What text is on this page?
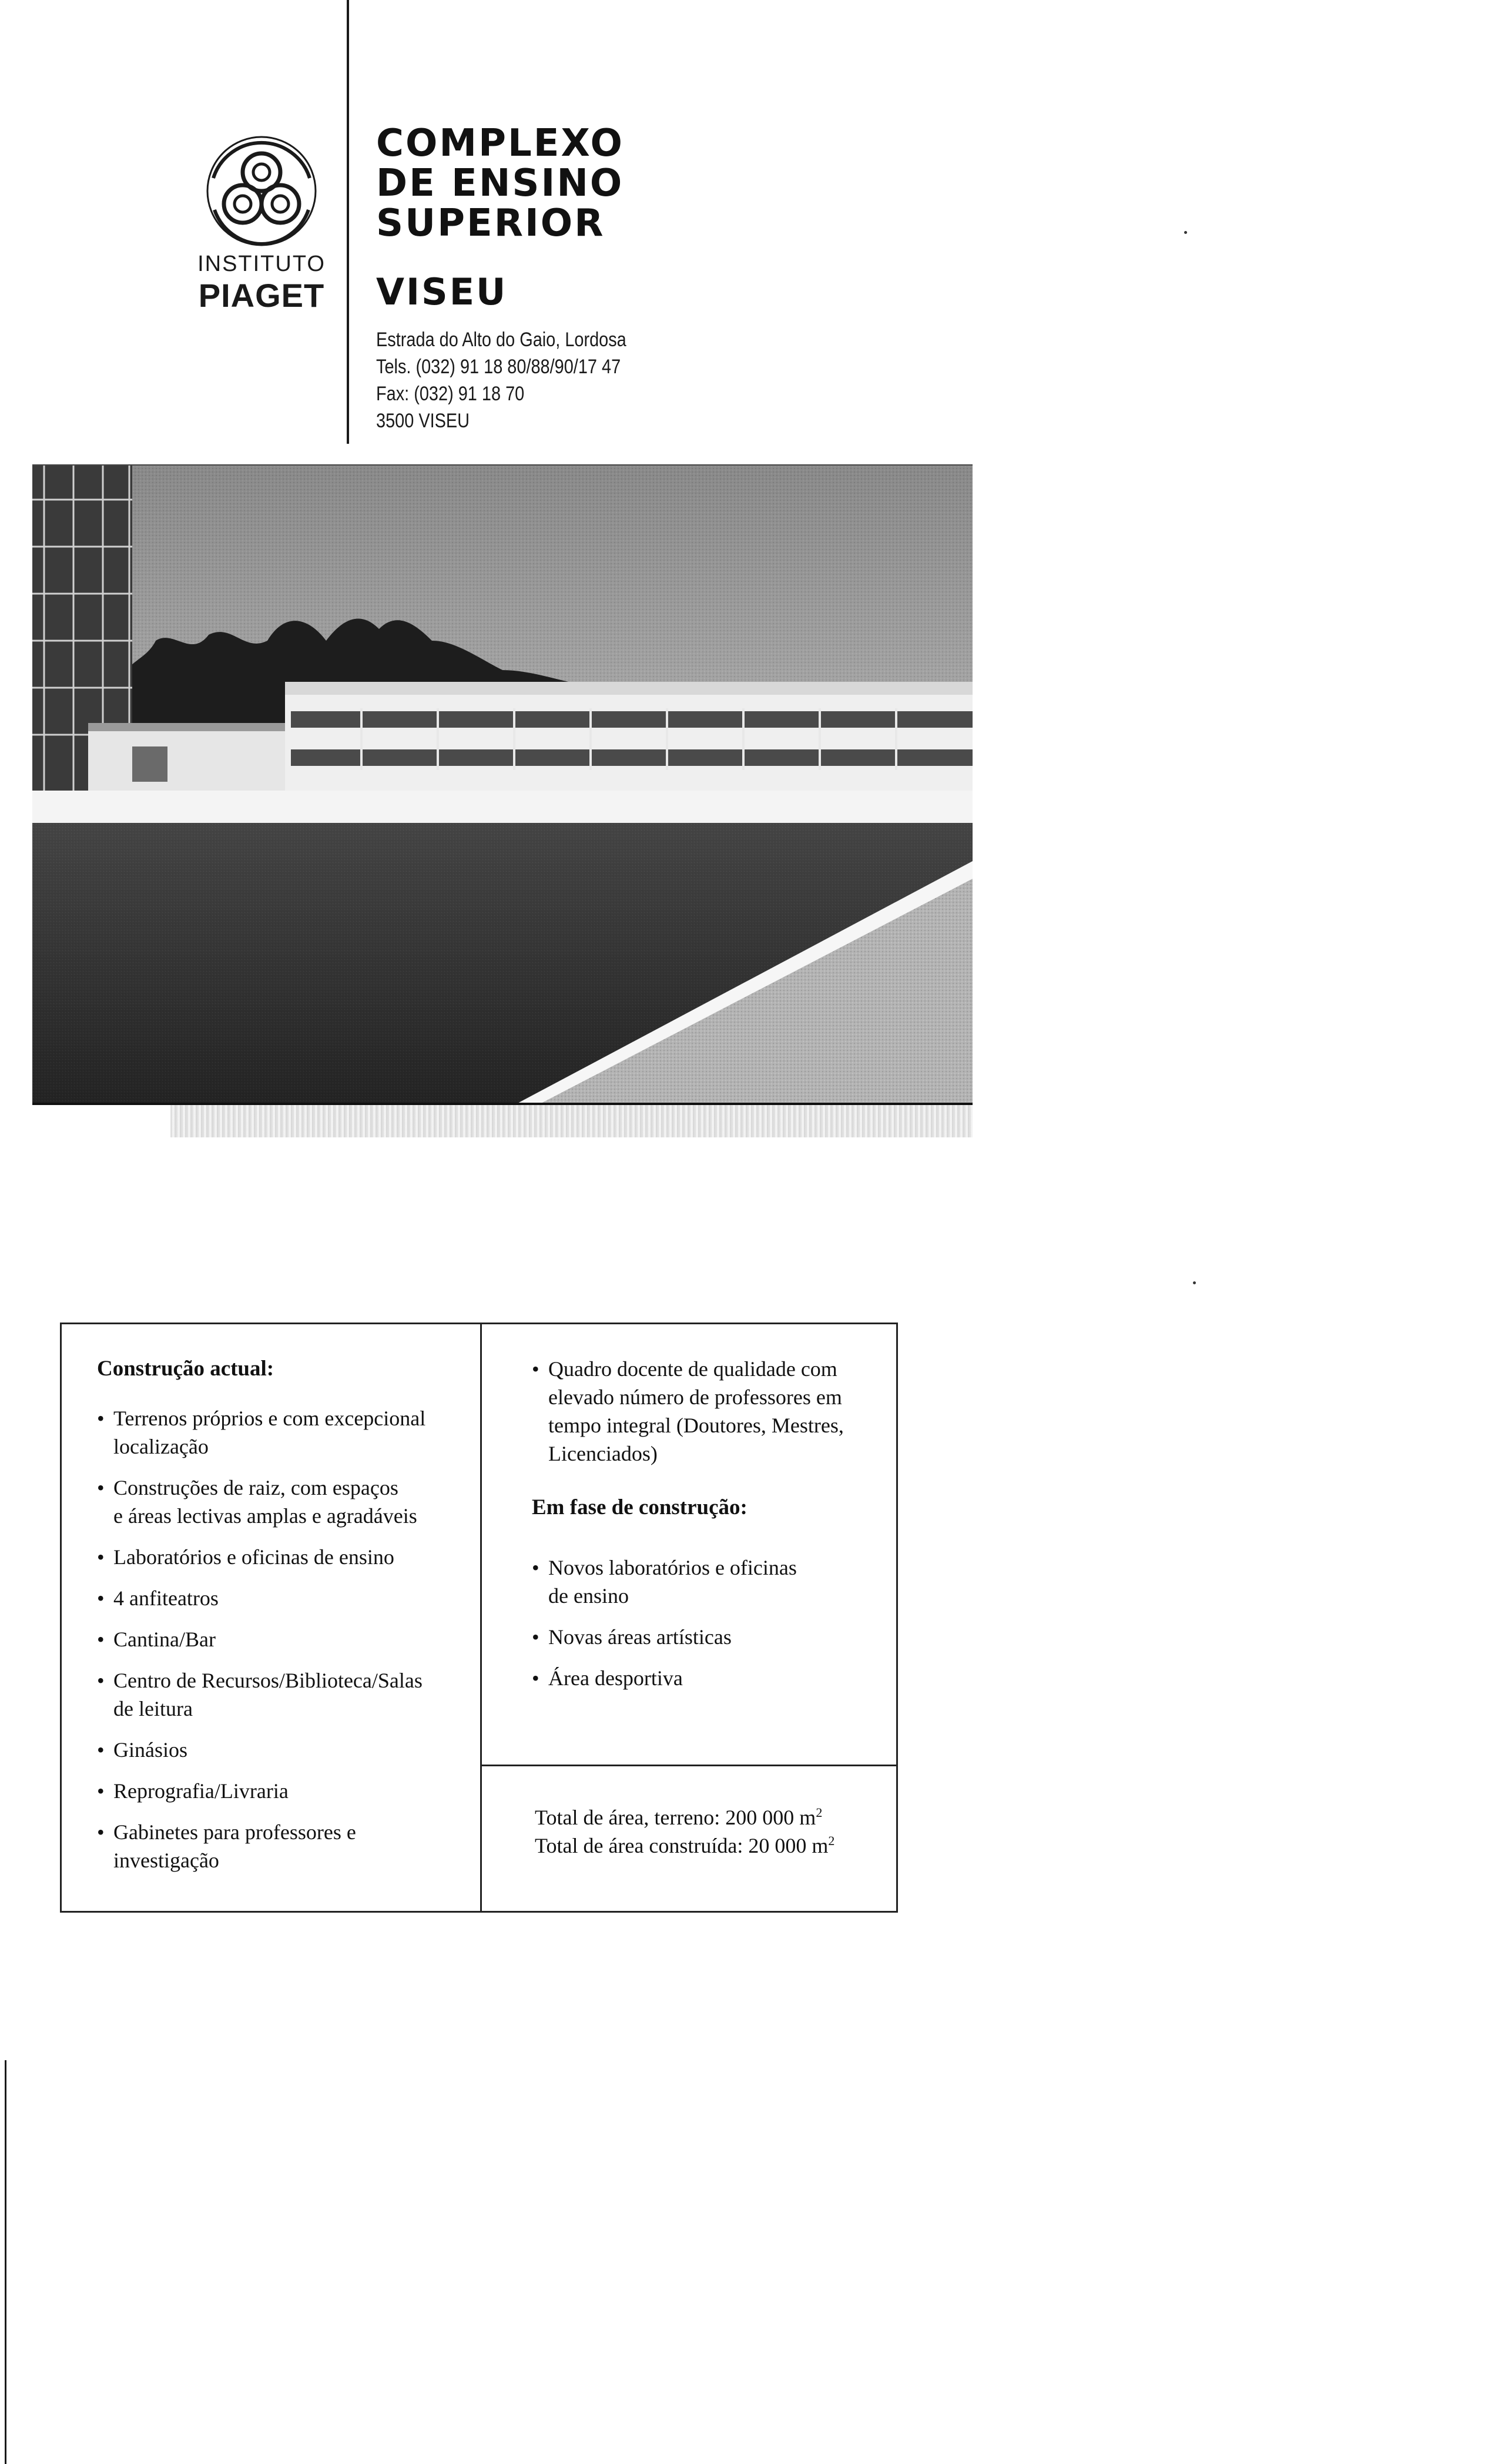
INSTITUTO
PIAGET
COMPLEXO
DE ENSINO
SUPERIOR
VISEU
Estrada do Alto do Gaio, Lordosa
Tels. (032) 91 18 80/88/90/17 47
Fax: (032) 91 18 70
3500 VISEU
Construção actual:
• Terrenos próprios e com excepcional
localização
• Construções de raiz, com espaços
e áreas lectivas amplas e agradáveis
• Laboratórios e oficinas de ensino
• 4 anfiteatros
• Cantina/Bar
• Centro de Recursos/Biblioteca/Salas
de leitura
• Ginásios
• Reprografia/Livraria
• Gabinetes para professores e
investigação
• Quadro docente de qualidade com
elevado número de professores em
tempo integral (Doutores, Mestres,
Licenciados)
Em fase de construção:
• Novos laboratórios e oficinas
de ensino
• Novas áreas artísticas
• Área desportiva
Total de área, terreno: 200 000 $m^2$
Total de área construída: 20 000 $m^2$
